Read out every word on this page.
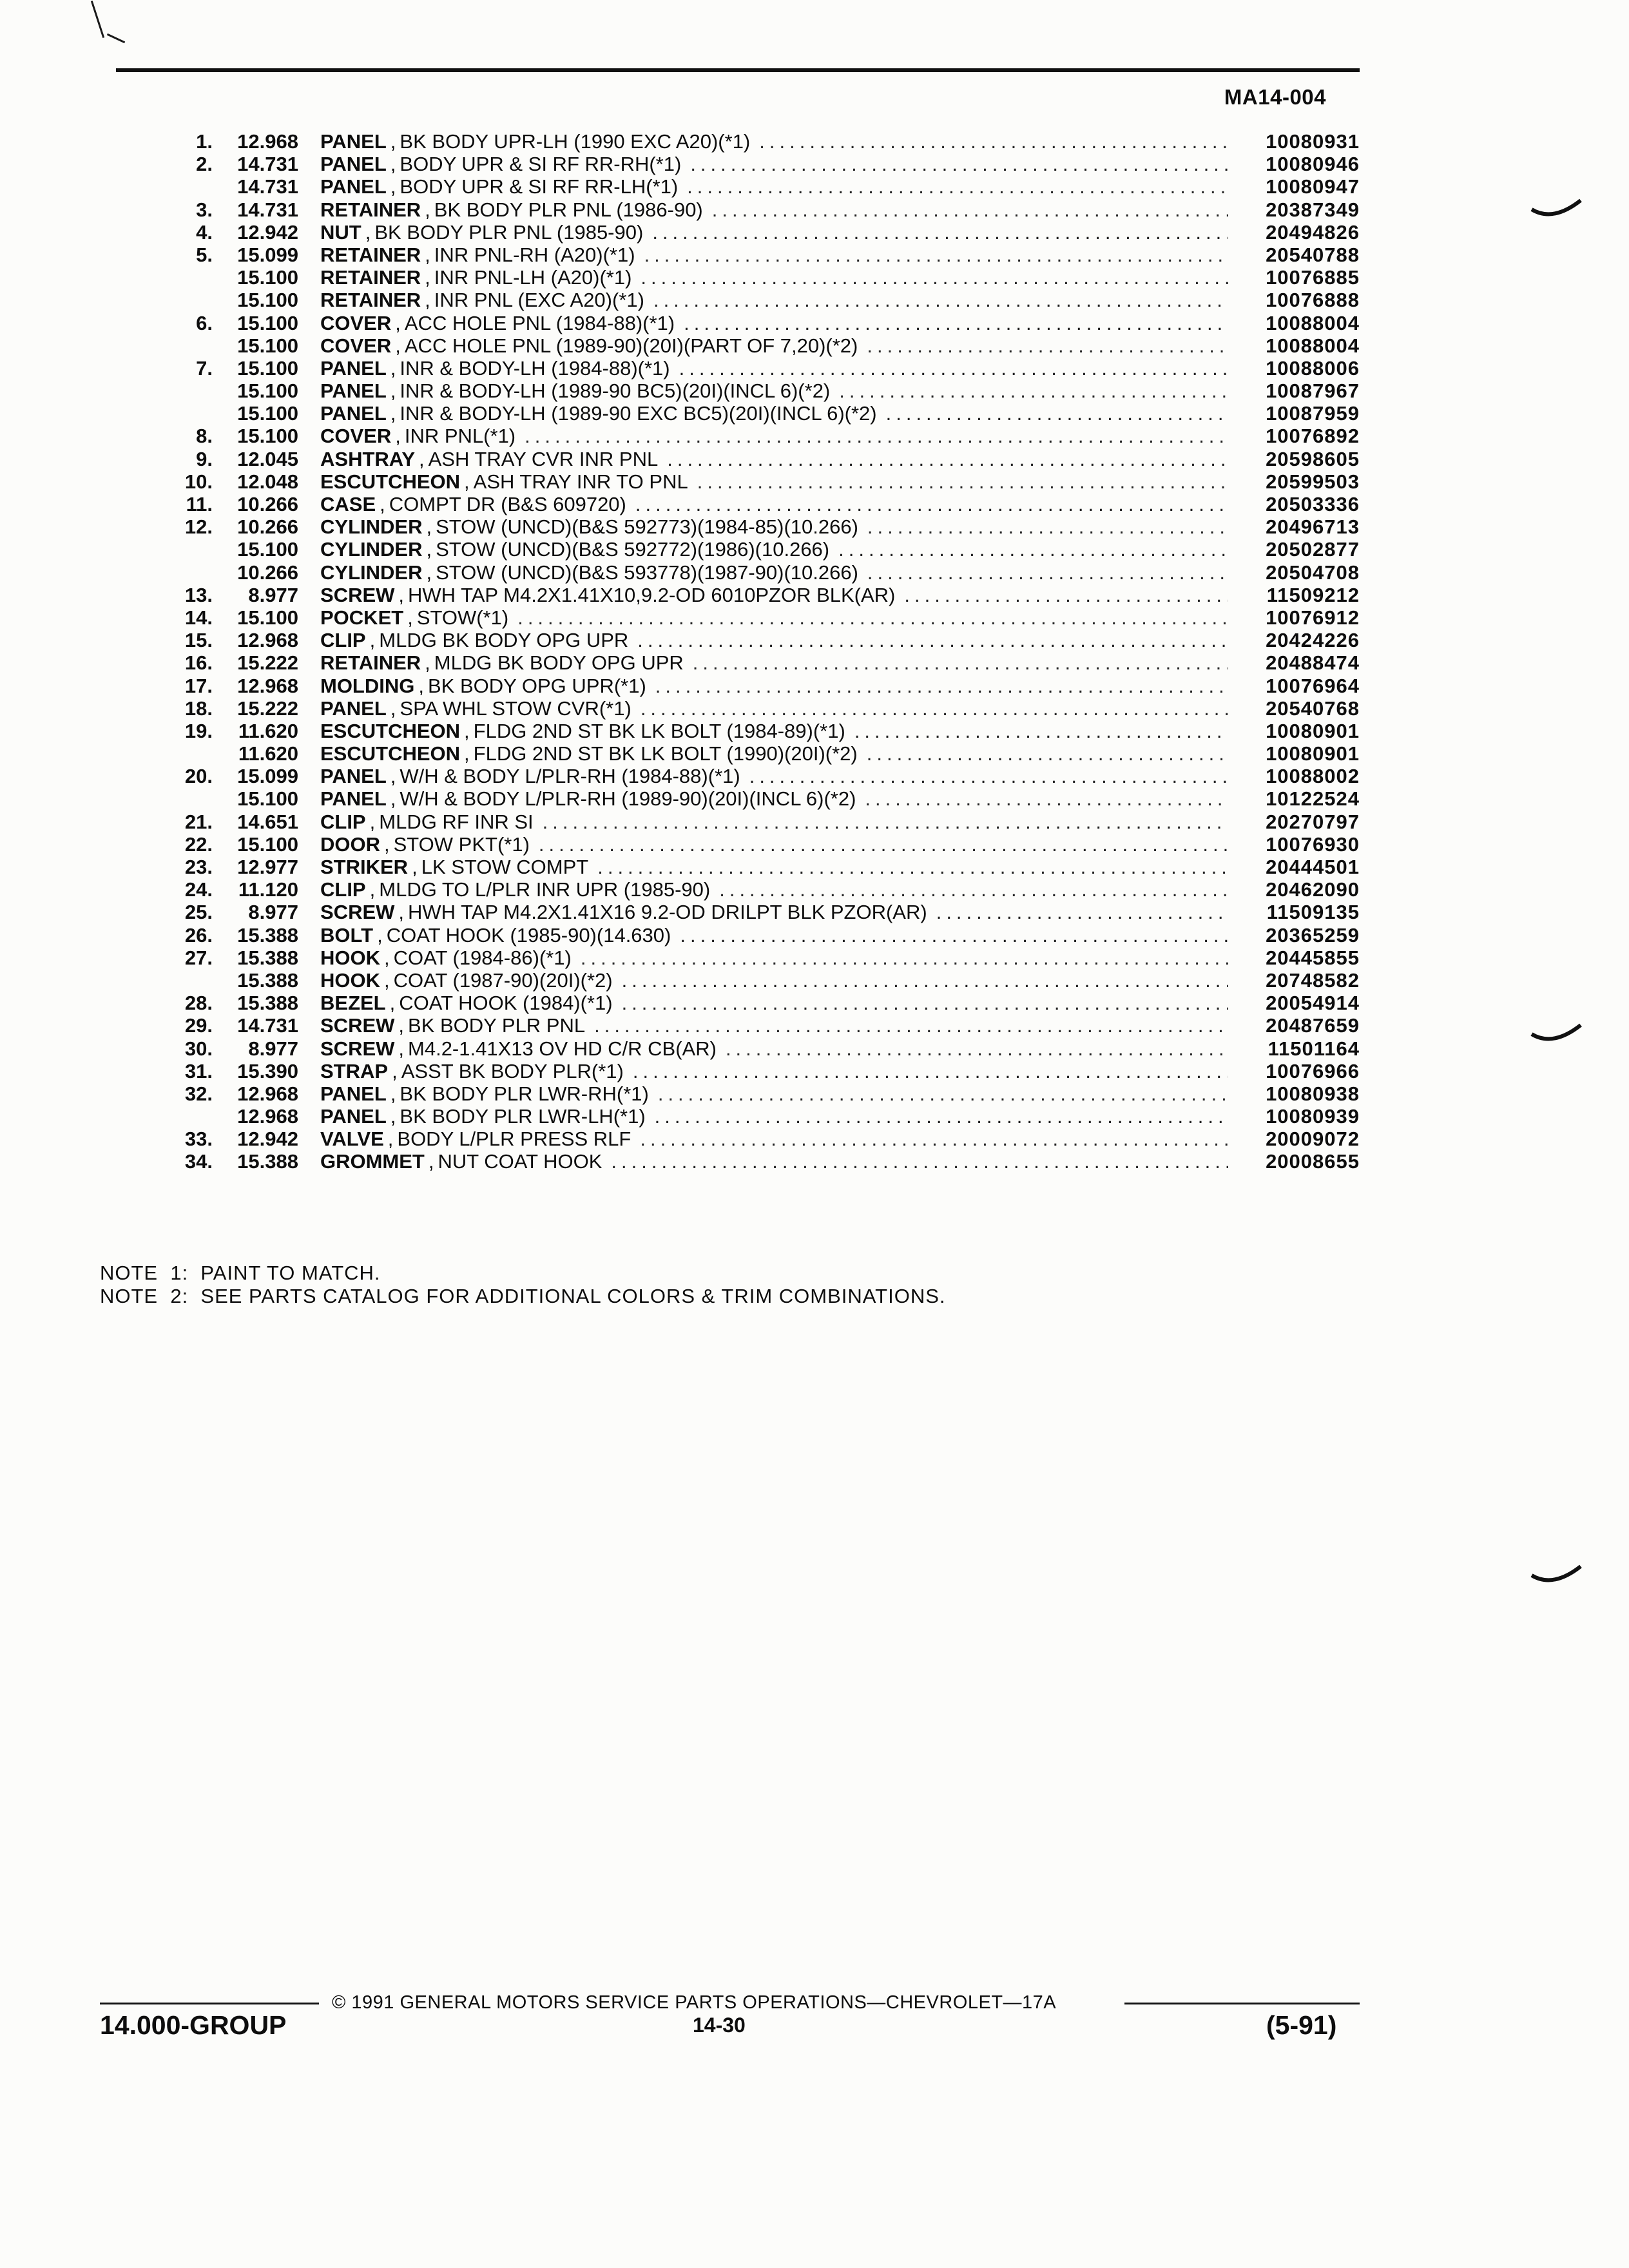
MA14-004
1.	12.968	PANEL , BK BODY UPR-LH (1990 EXC A20)(*1) .....	10080931
2.	14.731	PANEL , BODY UPR & SI RF RR-RH(*1) .....	10080946
14.731	PANEL , BODY UPR & SI RF RR-LH(*1) .....	10080947
3.	14.731	RETAINER , BK BODY PLR PNL (1986-90) .....	20387349
4.	12.942	NUT , BK BODY PLR PNL (1985-90) .....	20494826
5.	15.099	RETAINER , INR PNL-RH (A20)(*1) .....	20540788
15.100	RETAINER , INR PNL-LH (A20)(*1) .....	10076885
15.100	RETAINER , INR PNL (EXC A20)(*1) .....	10076888
6.	15.100	COVER , ACC HOLE PNL (1984-88)(*1) .....	10088004
15.100	COVER , ACC HOLE PNL (1989-90)(20I)(PART OF 7,20)(*2) .....	10088004
7.	15.100	PANEL , INR & BODY-LH (1984-88)(*1) .....	10088006
15.100	PANEL , INR & BODY-LH (1989-90 BC5)(20I)(INCL 6)(*2) .....	10087967
15.100	PANEL , INR & BODY-LH (1989-90 EXC BC5)(20I)(INCL 6)(*2) .....	10087959
8.	15.100	COVER , INR PNL(*1) .....	10076892
9.	12.045	ASHTRAY , ASH TRAY CVR INR PNL .....	20598605
10.	12.048	ESCUTCHEON , ASH TRAY INR TO PNL .....	20599503
11.	10.266	CASE , COMPT DR (B&S 609720) .....	20503336
12.	10.266	CYLINDER , STOW (UNCD)(B&S 592773)(1984-85)(10.266) .....	20496713
15.100	CYLINDER , STOW (UNCD)(B&S 592772)(1986)(10.266) .....	20502877
10.266	CYLINDER , STOW (UNCD)(B&S 593778)(1987-90)(10.266) .....	20504708
13.	8.977	SCREW , HWH TAP M4.2X1.41X10,9.2-OD 6010PZOR BLK(AR) .....	11509212
14.	15.100	POCKET , STOW(*1) .....	10076912
15.	12.968	CLIP , MLDG BK BODY OPG UPR .....	20424226
16.	15.222	RETAINER , MLDG BK BODY OPG UPR .....	20488474
17.	12.968	MOLDING , BK BODY OPG UPR(*1) .....	10076964
18.	15.222	PANEL , SPA WHL STOW CVR(*1) .....	20540768
19.	11.620	ESCUTCHEON , FLDG 2ND ST BK LK BOLT (1984-89)(*1) .....	10080901
11.620	ESCUTCHEON , FLDG 2ND ST BK LK BOLT (1990)(20I)(*2) .....	10080901
20.	15.099	PANEL , W/H & BODY L/PLR-RH (1984-88)(*1) .....	10088002
15.100	PANEL , W/H & BODY L/PLR-RH (1989-90)(20I)(INCL 6)(*2) .....	10122524
21.	14.651	CLIP , MLDG RF INR SI .....	20270797
22.	15.100	DOOR , STOW PKT(*1) .....	10076930
23.	12.977	STRIKER , LK STOW COMPT .....	20444501
24.	11.120	CLIP , MLDG TO L/PLR INR UPR (1985-90) .....	20462090
25.	8.977	SCREW , HWH TAP M4.2X1.41X16 9.2-OD DRILPT BLK PZOR(AR) .....	11509135
26.	15.388	BOLT , COAT HOOK (1985-90)(14.630) .....	20365259
27.	15.388	HOOK , COAT (1984-86)(*1) .....	20445855
15.388	HOOK , COAT (1987-90)(20I)(*2) .....	20748582
28.	15.388	BEZEL , COAT HOOK (1984)(*1) .....	20054914
29.	14.731	SCREW , BK BODY PLR PNL .....	20487659
30.	8.977	SCREW , M4.2-1.41X13 OV HD C/R CB(AR) .....	11501164
31.	15.390	STRAP , ASST BK BODY PLR(*1) .....	10076966
32.	12.968	PANEL , BK BODY PLR LWR-RH(*1) .....	10080938
12.968	PANEL , BK BODY PLR LWR-LH(*1) .....	10080939
33.	12.942	VALVE , BODY L/PLR PRESS RLF .....	20009072
34.	15.388	GROMMET , NUT COAT HOOK .....	20008655
NOTE  1:  PAINT TO MATCH.
NOTE  2:  SEE PARTS CATALOG FOR ADDITIONAL COLORS & TRIM COMBINATIONS.
© 1991 GENERAL MOTORS SERVICE PARTS OPERATIONS—CHEVROLET—17A
14.000-GROUP	14-30	(5-91)
